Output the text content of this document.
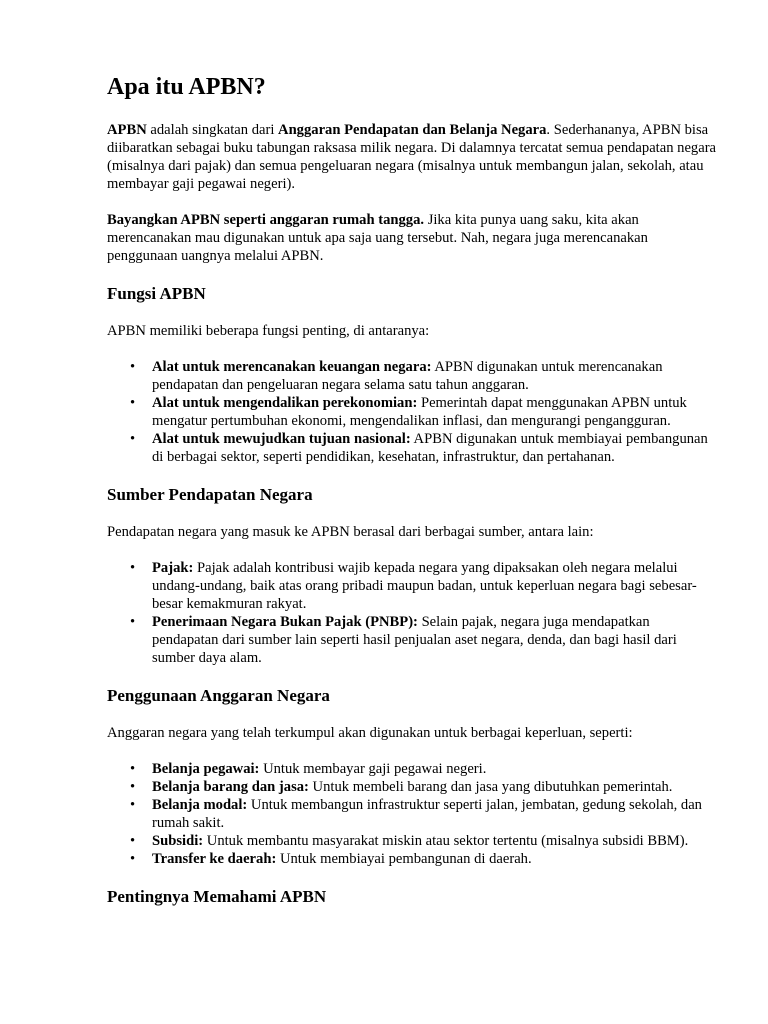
Apa itu APBN?

APBN adalah singkatan dari Anggaran Pendapatan dan Belanja Negara. Sederhananya, APBN bisa diibaratkan sebagai buku tabungan raksasa milik negara. Di dalamnya tercatat semua pendapatan negara (misalnya dari pajak) dan semua pengeluaran negara (misalnya untuk membangun jalan, sekolah, atau membayar gaji pegawai negeri).

Bayangkan APBN seperti anggaran rumah tangga. Jika kita punya uang saku, kita akan merencanakan mau digunakan untuk apa saja uang tersebut. Nah, negara juga merencanakan penggunaan uangnya melalui APBN.

Fungsi APBN

APBN memiliki beberapa fungsi penting, di antaranya:

• Alat untuk merencanakan keuangan negara: APBN digunakan untuk merencanakan pendapatan dan pengeluaran negara selama satu tahun anggaran.
• Alat untuk mengendalikan perekonomian: Pemerintah dapat menggunakan APBN untuk mengatur pertumbuhan ekonomi, mengendalikan inflasi, dan mengurangi pengangguran.
• Alat untuk mewujudkan tujuan nasional: APBN digunakan untuk membiayai pembangunan di berbagai sektor, seperti pendidikan, kesehatan, infrastruktur, dan pertahanan.
Sumber Pendapatan Negara

Pendapatan negara yang masuk ke APBN berasal dari berbagai sumber, antara lain:

• Pajak: Pajak adalah kontribusi wajib kepada negara yang dipaksakan oleh negara melalui undang-undang, baik atas orang pribadi maupun badan, untuk keperluan negara bagi sebesar-besar kemakmuran rakyat.
• Penerimaan Negara Bukan Pajak (PNBP): Selain pajak, negara juga mendapatkan pendapatan dari sumber lain seperti hasil penjualan aset negara, denda, dan bagi hasil dari sumber daya alam.
Penggunaan Anggaran Negara

Anggaran negara yang telah terkumpul akan digunakan untuk berbagai keperluan, seperti:

• Belanja pegawai: Untuk membayar gaji pegawai negeri.
• Belanja barang dan jasa: Untuk membeli barang dan jasa yang dibutuhkan pemerintah.
• Belanja modal: Untuk membangun infrastruktur seperti jalan, jembatan, gedung sekolah, dan rumah sakit.
• Subsidi: Untuk membantu masyarakat miskin atau sektor tertentu (misalnya subsidi BBM).
• Transfer ke daerah: Untuk membiayai pembangunan di daerah.
Pentingnya Memahami APBN
